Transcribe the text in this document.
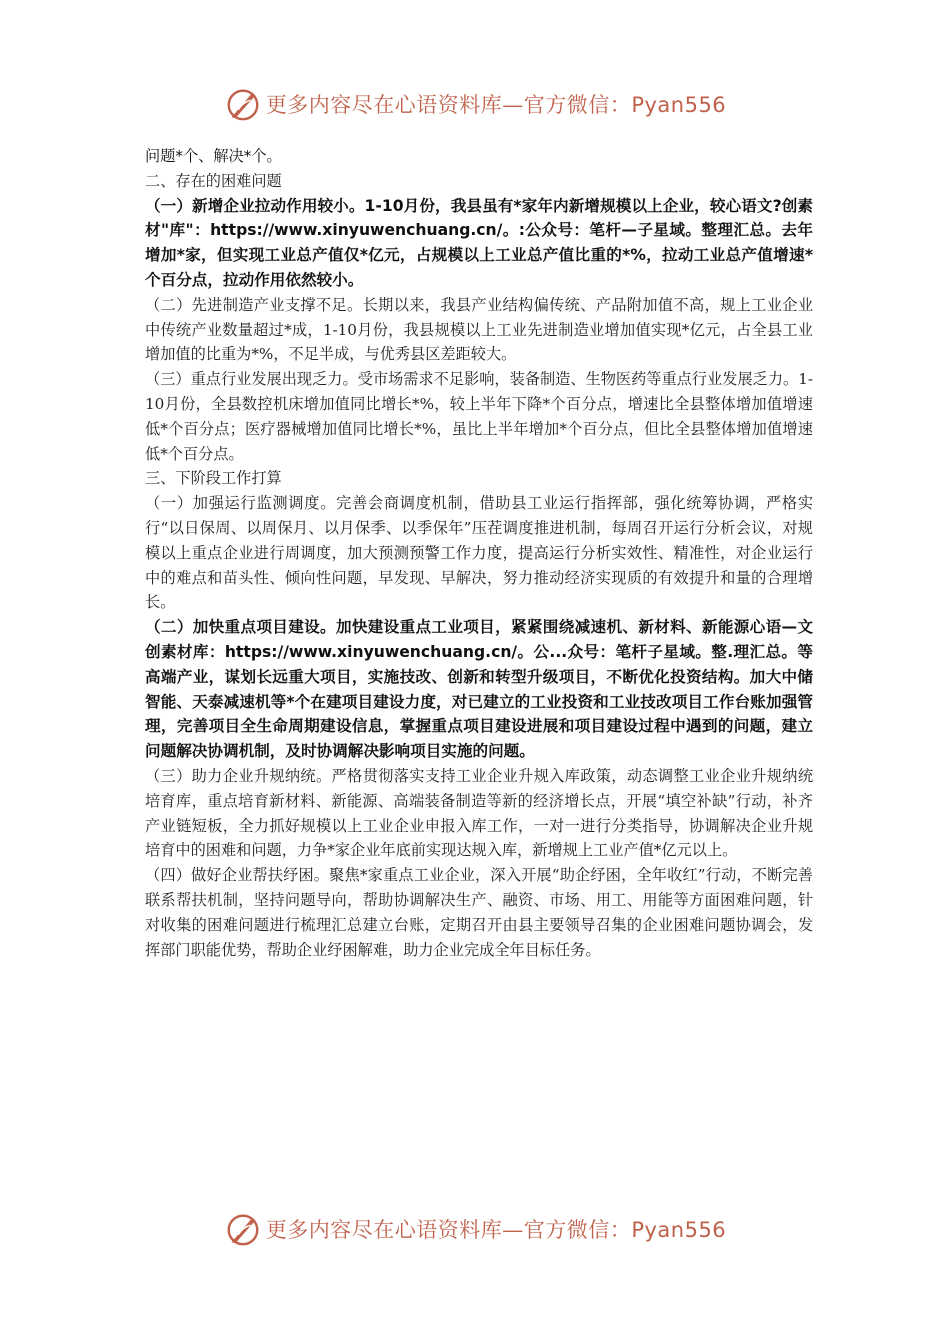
更多内容尽在心语资料库—官方微信：Pyan556

问题*个、解决*个。

二、存在的困难问题

（一）新增企业拉动作用较小。1-10月份，我县虽有*家年内新增规模以上企业，较心语文?创素材"库"：https://www.xinyuwenchuang.cn/。:公众号：笔杆—子星域。整理汇总。去年增加*家，但实现工业总产值仅*亿元，占规模以上工业总产值比重的*%，拉动工业总产值增速*个百分点，拉动作用依然较小。

（二）先进制造产业支撑不足。长期以来，我县产业结构偏传统、产品附加值不高，规上工业企业中传统产业数量超过*成，1-10月份，我县规模以上工业先进制造业增加值实现*亿元，占全县工业增加值的比重为*%，不足半成，与优秀县区差距较大。

（三）重点行业发展出现乏力。受市场需求不足影响，装备制造、生物医药等重点行业发展乏力。1-10月份，全县数控机床增加值同比增长*%，较上半年下降*个百分点，增速比全县整体增加值增速低*个百分点；医疗器械增加值同比增长*%，虽比上半年增加*个百分点，但比全县整体增加值增速低*个百分点。

三、下阶段工作打算

（一）加强运行监测调度。完善会商调度机制，借助县工业运行指挥部，强化统筹协调，严格实行“以日保周、以周保月、以月保季、以季保年”压茬调度推进机制，每周召开运行分析会议，对规模以上重点企业进行周调度，加大预测预警工作力度，提高运行分析实效性、精准性，对企业运行中的难点和苗头性、倾向性问题，早发现、早解决，努力推动经济实现质的有效提升和量的合理增长。

（二）加快重点项目建设。加快建设重点工业项目，紧紧围绕减速机、新材料、新能源心语—文创素材库：https://www.xinyuwenchuang.cn/。公...众号：笔杆子星域。整.理汇总。等高端产业，谋划长远重大项目，实施技改、创新和转型升级项目，不断优化投资结构。加大中储智能、天泰减速机等*个在建项目建设力度，对已建立的工业投资和工业技改项目工作台账加强管理，完善项目全生命周期建设信息，掌握重点项目建设进展和项目建设过程中遇到的问题，建立问题解决协调机制，及时协调解决影响项目实施的问题。

（三）助力企业升规纳统。严格贯彻落实支持工业企业升规入库政策，动态调整工业企业升规纳统培育库，重点培育新材料、新能源、高端装备制造等新的经济增长点，开展“填空补缺”行动，补齐产业链短板，全力抓好规模以上工业企业申报入库工作，一对一进行分类指导，协调解决企业升规培育中的困难和问题，力争*家企业年底前实现达规入库，新增规上工业产值*亿元以上。

（四）做好企业帮扶纾困。聚焦*家重点工业企业，深入开展“助企纾困，全年收红”行动，不断完善联系帮扶机制，坚持问题导向，帮助协调解决生产、融资、市场、用工、用能等方面困难问题，针对收集的困难问题进行梳理汇总建立台账，定期召开由县主要领导召集的企业困难问题协调会，发挥部门职能优势，帮助企业纾困解难，助力企业完成全年目标任务。

更多内容尽在心语资料库—官方微信：Pyan556
